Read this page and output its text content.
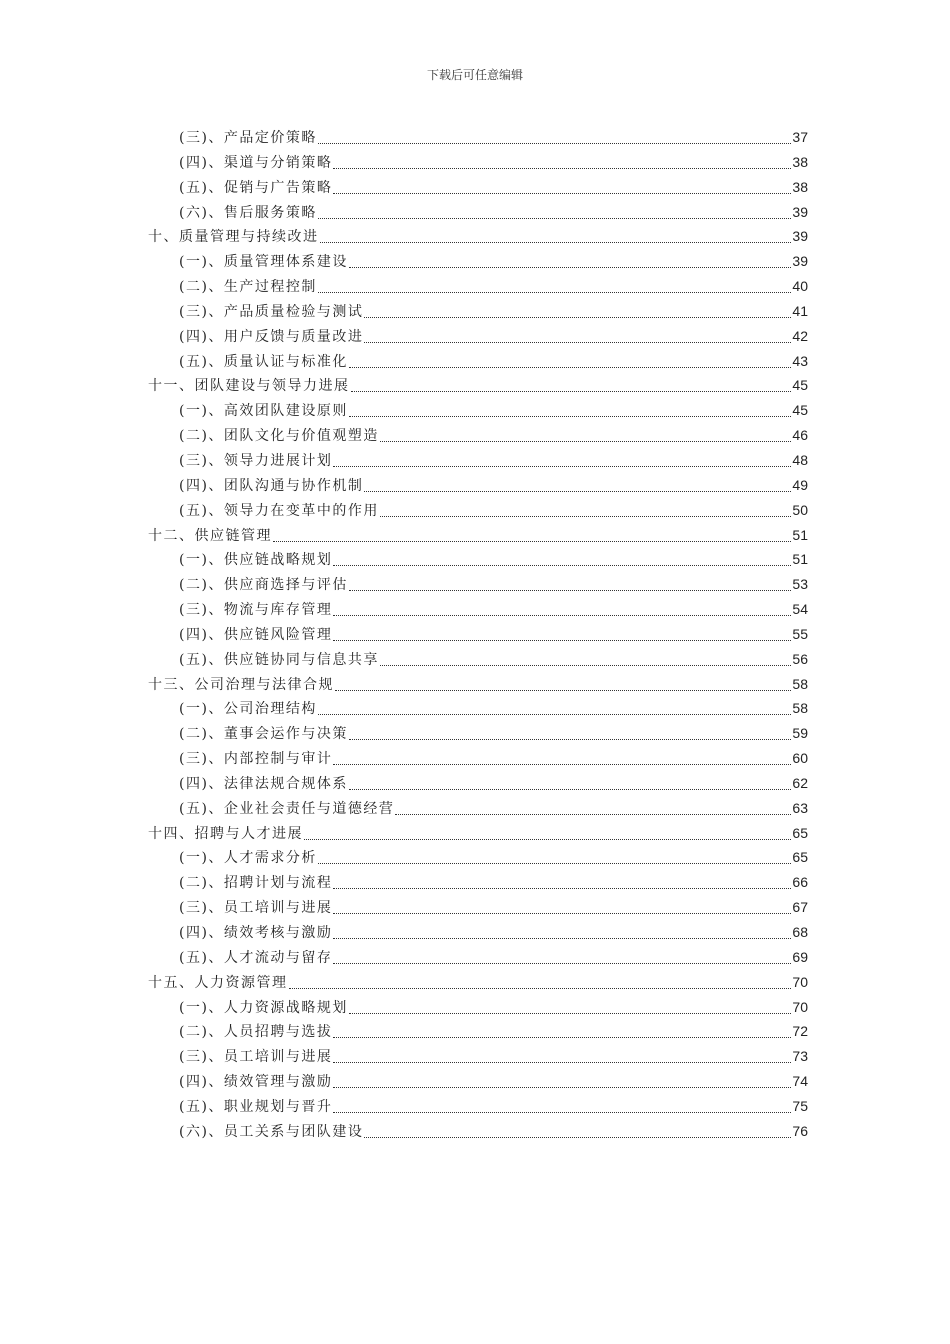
下载后可任意编辑
(三)、产品定价策略	37
(四)、渠道与分销策略	38
(五)、促销与广告策略	38
(六)、售后服务策略	39
十、质量管理与持续改进	39
(一)、质量管理体系建设	39
(二)、生产过程控制	40
(三)、产品质量检验与测试	41
(四)、用户反馈与质量改进	42
(五)、质量认证与标准化	43
十一、团队建设与领导力进展	45
(一)、高效团队建设原则	45
(二)、团队文化与价值观塑造	46
(三)、领导力进展计划	48
(四)、团队沟通与协作机制	49
(五)、领导力在变革中的作用	50
十二、供应链管理	51
(一)、供应链战略规划	51
(二)、供应商选择与评估	53
(三)、物流与库存管理	54
(四)、供应链风险管理	55
(五)、供应链协同与信息共享	56
十三、公司治理与法律合规	58
(一)、公司治理结构	58
(二)、董事会运作与决策	59
(三)、内部控制与审计	60
(四)、法律法规合规体系	62
(五)、企业社会责任与道德经营	63
十四、招聘与人才进展	65
(一)、人才需求分析	65
(二)、招聘计划与流程	66
(三)、员工培训与进展	67
(四)、绩效考核与激励	68
(五)、人才流动与留存	69
十五、人力资源管理	70
(一)、人力资源战略规划	70
(二)、人员招聘与选拔	72
(三)、员工培训与进展	73
(四)、绩效管理与激励	74
(五)、职业规划与晋升	75
(六)、员工关系与团队建设	76
